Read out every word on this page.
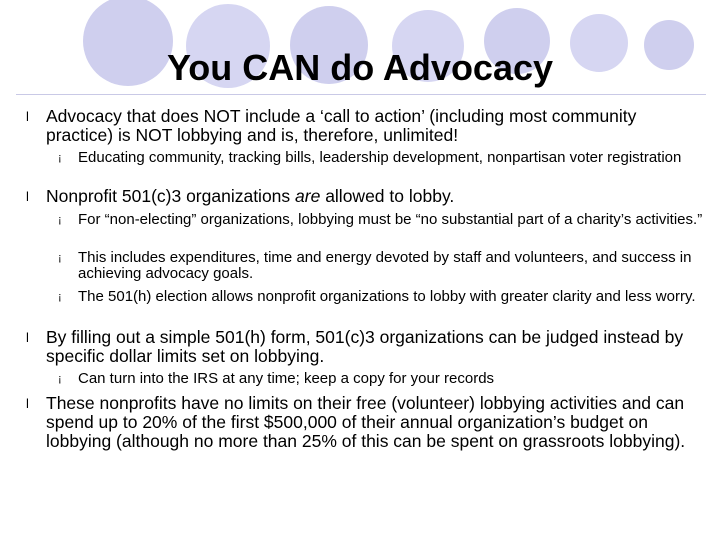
You CAN do Advocacy
l Advocacy that does NOT include a ‘call to action’ (including most community practice) is NOT lobbying and is, therefore, unlimited!

¡ Educating community, tracking bills, leadership development, nonpartisan voter registration

l Nonprofit 501(c)3 organizations are allowed to lobby.

¡ For “non-electing” organizations, lobbying must be “no substantial part of a charity’s activities.”

¡ This includes expenditures, time and energy devoted by staff and volunteers, and success in achieving advocacy goals.

¡ The 501(h) election allows nonprofit organizations to lobby with greater clarity and less worry.

l By filling out a simple 501(h) form, 501(c)3 organizations can be judged instead by specific dollar limits set on lobbying.

¡ Can turn into the IRS at any time; keep a copy for your records

l These nonprofits have no limits on their free (volunteer) lobbying activities and can spend up to 20% of the first $500,000 of their annual organization’s budget on lobbying (although no more than 25% of this can be spent on grassroots lobbying).
